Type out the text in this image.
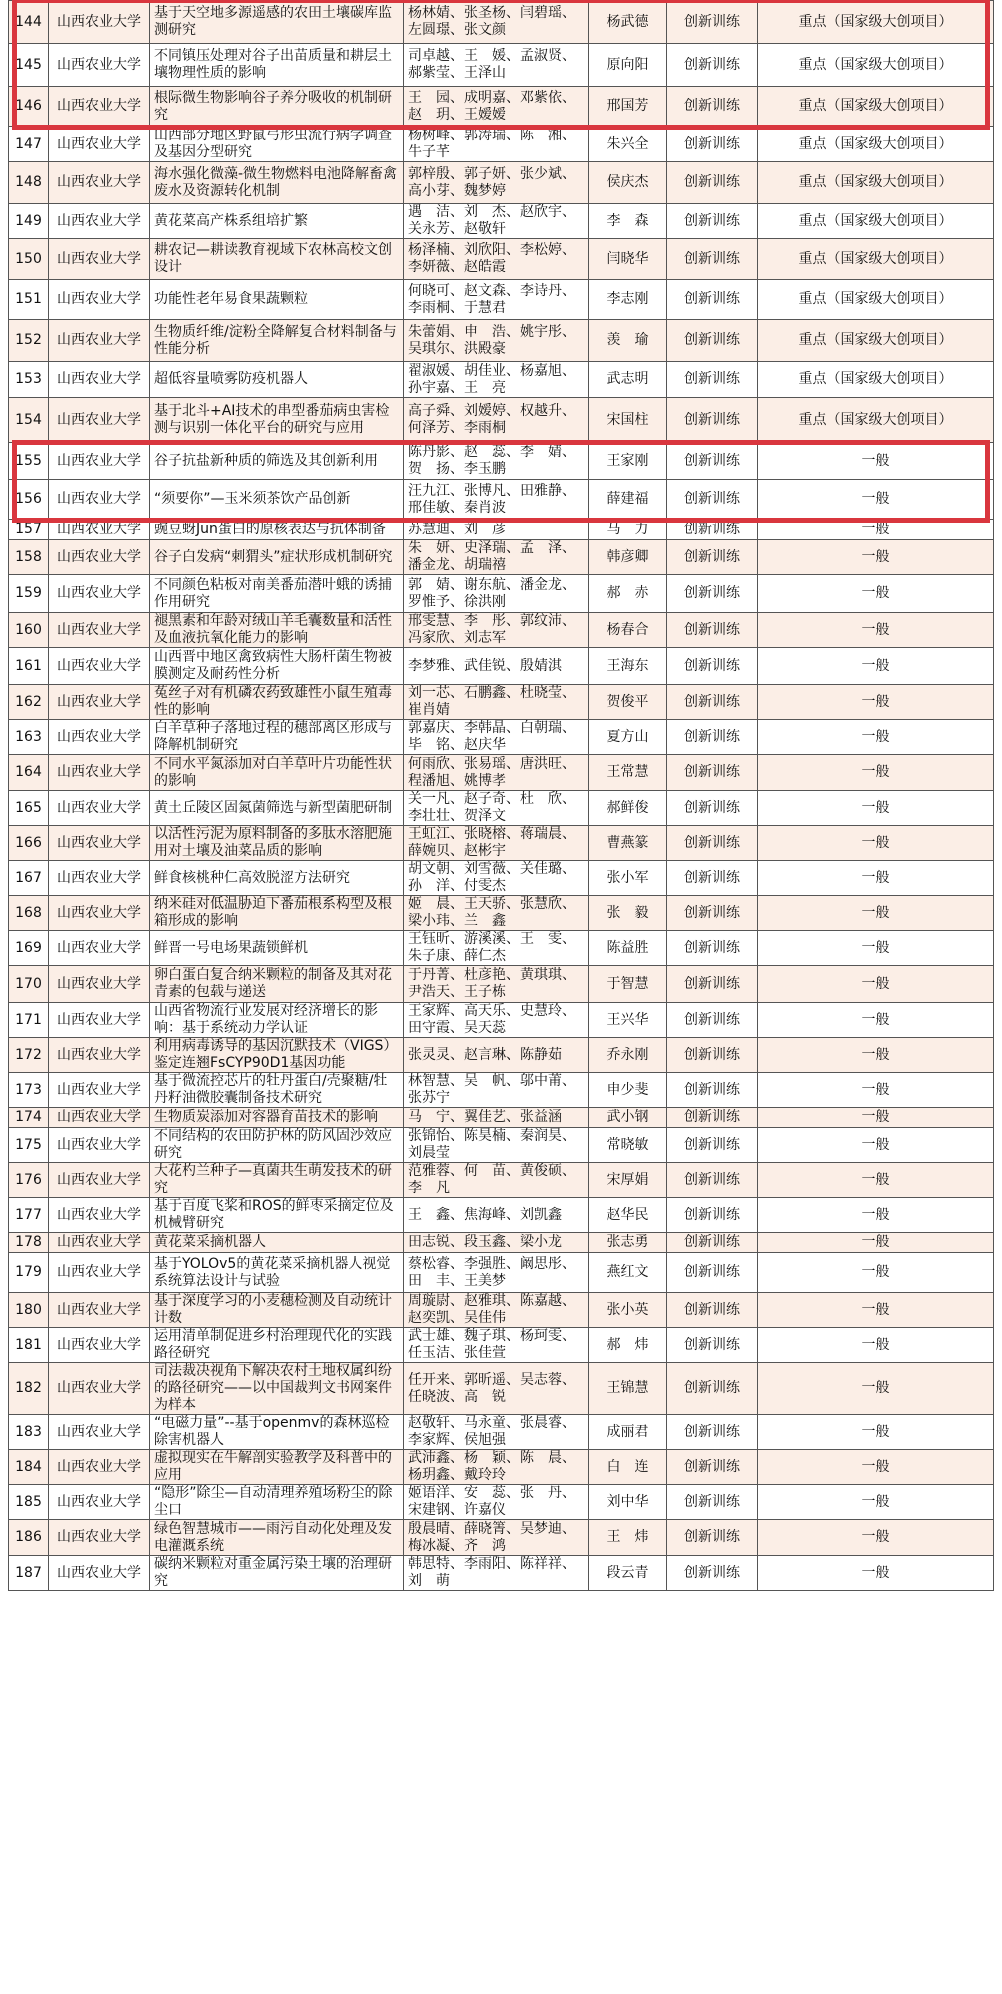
144	山西农业大学	基于天空地多源遥感的农田土壤碳库监测研究	杨林婧、张圣杨、闫碧瑶、左圆璟、张文颜	杨武德	创新训练	重点（国家级大创项目）
145	山西农业大学	不同镇压处理对谷子出苗质量和耕层土壤物理性质的影响	司卓越、王　媛、孟淑贤、郝紫莹、王泽山	原向阳	创新训练	重点（国家级大创项目）
146	山西农业大学	根际微生物影响谷子养分吸收的机制研究	王　园、成明嘉、邓紫依、赵　玥、王嫒嫒	邢国芳	创新训练	重点（国家级大创项目）
147	山西农业大学	山西部分地区野鼠弓形虫流行病学调查及基因分型研究	杨树峰、郭涛瑞、陈　湘、牛子芊	朱兴全	创新训练	重点（国家级大创项目）
148	山西农业大学	海水强化微藻-微生物燃料电池降解畜禽废水及资源转化机制	郭梓殷、郭子妍、张少斌、高小芽、魏梦婷	侯庆杰	创新训练	重点（国家级大创项目）
149	山西农业大学	黄花菜高产株系组培扩繁	遇　洁、刘　杰、赵欣宇、关永芳、赵敬轩	李　森	创新训练	重点（国家级大创项目）
150	山西农业大学	耕农记—耕读教育视域下农林高校文创设计	杨泽楠、刘欣阳、李松婷、李妍薇、赵皓霞	闫晓华	创新训练	重点（国家级大创项目）
151	山西农业大学	功能性老年易食果蔬颗粒	何晓可、赵文森、李诗丹、李雨桐、于慧君	李志刚	创新训练	重点（国家级大创项目）
152	山西农业大学	生物质纤维/淀粉全降解复合材料制备与性能分析	朱蕾娟、申　浩、姚宇彤、吴琪尔、洪殿豪	羡　瑜	创新训练	重点（国家级大创项目）
153	山西农业大学	超低容量喷雾防疫机器人	翟淑媛、胡佳业、杨嘉旭、孙宇嘉、王　亮	武志明	创新训练	重点（国家级大创项目）
154	山西农业大学	基于北斗+AI技术的串型番茄病虫害检测与识别一体化平台的研究与应用	高子舜、刘嫒婷、权越升、何泽芳、李雨桐	宋国柱	创新训练	重点（国家级大创项目）
155	山西农业大学	谷子抗盐新种质的筛选及其创新利用	陈丹影、赵　蕊、李　婧、贺　扬、李玉鹏	王家刚	创新训练	一般
156	山西农业大学	“须要你”—玉米须茶饮产品创新	汪九江、张博凡、田雅静、邢佳敏、秦肖波	薛建福	创新训练	一般
157	山西农业大学	豌豆蚜Jun蛋白的原核表达与抗体制备	苏慧迪、刘　彦	马　力	创新训练	一般
158	山西农业大学	谷子白发病“刺猬头”症状形成机制研究	朱　妍、史泽瑞、孟　泽、潘金龙、胡瑞禧	韩彦卿	创新训练	一般
159	山西农业大学	不同颜色粘板对南美番茄潜叶蛾的诱捕作用研究	郭　婧、谢东航、潘金龙、罗惟予、徐洪刚	郝　赤	创新训练	一般
160	山西农业大学	褪黑素和年龄对绒山羊毛囊数量和活性及血液抗氧化能力的影响	邢雯慧、李　彤、郭纹沛、冯家欣、刘志军	杨春合	创新训练	一般
161	山西农业大学	山西晋中地区禽致病性大肠杆菌生物被膜测定及耐药性分析	李梦雅、武佳锐、殷婧淇	王海东	创新训练	一般
162	山西农业大学	菟丝子对有机磷农药致雄性小鼠生殖毒性的影响	刘一芯、石鹏鑫、杜晓莹、崔肖婧	贺俊平	创新训练	一般
163	山西农业大学	白羊草种子落地过程的穗部离区形成与降解机制研究	郭嘉庆、李韩晶、白朝瑞、毕　铭、赵庆华	夏方山	创新训练	一般
164	山西农业大学	不同水平氮添加对白羊草叶片功能性状的影响	何雨欣、张易瑶、唐洪旺、程潘旭、姚博孝	王常慧	创新训练	一般
165	山西农业大学	黄土丘陵区固氮菌筛选与新型菌肥研制	关一凡、赵子奇、杜　欣、李壮壮、贺泽文	郝鲜俊	创新训练	一般
166	山西农业大学	以活性污泥为原料制备的多肽水溶肥施用对土壤及油菜品质的影响	王虹江、张晓榕、蒋瑞晨、薛婉贝、赵彬宇	曹燕篆	创新训练	一般
167	山西农业大学	鲜食核桃种仁高效脱涩方法研究	胡文朝、刘雪薇、关佳璐、孙　洋、付雯杰	张小军	创新训练	一般
168	山西农业大学	纳米硅对低温胁迫下番茄根系构型及根箱形成的影响	姬　晨、王天骄、张慧欣、梁小玮、兰　鑫	张　毅	创新训练	一般
169	山西农业大学	鲜晋一号电场果蔬锁鲜机	王钰昕、游溪溪、王　雯、朱子康、薛仁杰	陈益胜	创新训练	一般
170	山西农业大学	卵白蛋白复合纳米颗粒的制备及其对花青素的包载与递送	于丹菁、杜彦艳、黄琪琪、尹浩天、王子栋	于智慧	创新训练	一般
171	山西农业大学	山西省物流行业发展对经济增长的影响：基于系统动力学认证	王家辉、高天乐、史慧玲、田守霞、吴天蕊	王兴华	创新训练	一般
172	山西农业大学	利用病毒诱导的基因沉默技术（VIGS）鉴定连翘FsCYP90D1基因功能	张灵灵、赵言琳、陈静茹	乔永刚	创新训练	一般
173	山西农业大学	基于微流控芯片的牡丹蛋白/壳聚糖/牡丹籽油微胶囊制备技术研究	林智慧、吴　帆、邬中莆、张苏宁	申少斐	创新训练	一般
174	山西农业大学	生物质炭添加对容器育苗技术的影响	马　宁、翼佳艺、张益涵	武小钢	创新训练	一般
175	山西农业大学	不同结构的农田防护林的防风固沙效应研究	张锦怡、陈昊楠、秦润昊、刘晨莹	常晓敏	创新训练	一般
176	山西农业大学	大花杓兰种子—真菌共生萌发技术的研究	范雅蓉、何　苗、黄俊硕、李　凡	宋厚娟	创新训练	一般
177	山西农业大学	基于百度飞桨和ROS的鲜枣采摘定位及机械臂研究	王　鑫、焦海峰、刘凯鑫	赵华民	创新训练	一般
178	山西农业大学	黄花菜采摘机器人	田志锐、段玉鑫、梁小龙	张志勇	创新训练	一般
179	山西农业大学	基于YOLOv5的黄花菜采摘机器人视觉系统算法设计与试验	蔡松睿、李强胜、阚思彤、田　丰、王美梦	燕红文	创新训练	一般
180	山西农业大学	基于深度学习的小麦穗检测及自动统计计数	周璇尉、赵雅琪、陈嘉越、赵奕凯、吴佳伟	张小英	创新训练	一般
181	山西农业大学	运用清单制促进乡村治理现代化的实践路径研究	武士雄、魏子琪、杨珂雯、任玉洁、张佳萱	郝　炜	创新训练	一般
182	山西农业大学	司法裁决视角下解决农村土地权属纠纷的路径研究——以中国裁判文书网案件为样本	任开来、郭昕遥、吴志蓉、任晓波、高　锐	王锦慧	创新训练	一般
183	山西农业大学	“电磁力量”--基于openmv的森林巡检除害机器人	赵敬轩、马永童、张晨睿、李家辉、侯旭强	成丽君	创新训练	一般
184	山西农业大学	虚拟现实在牛解剖实验教学及科普中的应用	武沛鑫、杨　颖、陈　晨、杨玥鑫、戴玲玲	白　连	创新训练	一般
185	山西农业大学	“隐形”除尘—自动清理养殖场粉尘的除尘口	姬语洋、安　蕊、张　丹、宋建钢、许嘉仪	刘中华	创新训练	一般
186	山西农业大学	绿色智慧城市——雨污自动化处理及发电灌溉系统	殷晨晴、薛晓箐、吴梦迪、梅冰凝、齐　鸿	王　炜	创新训练	一般
187	山西农业大学	碳纳米颗粒对重金属污染土壤的治理研究	韩思特、李雨阳、陈祥祥、刘　萌	段云青	创新训练	一般
